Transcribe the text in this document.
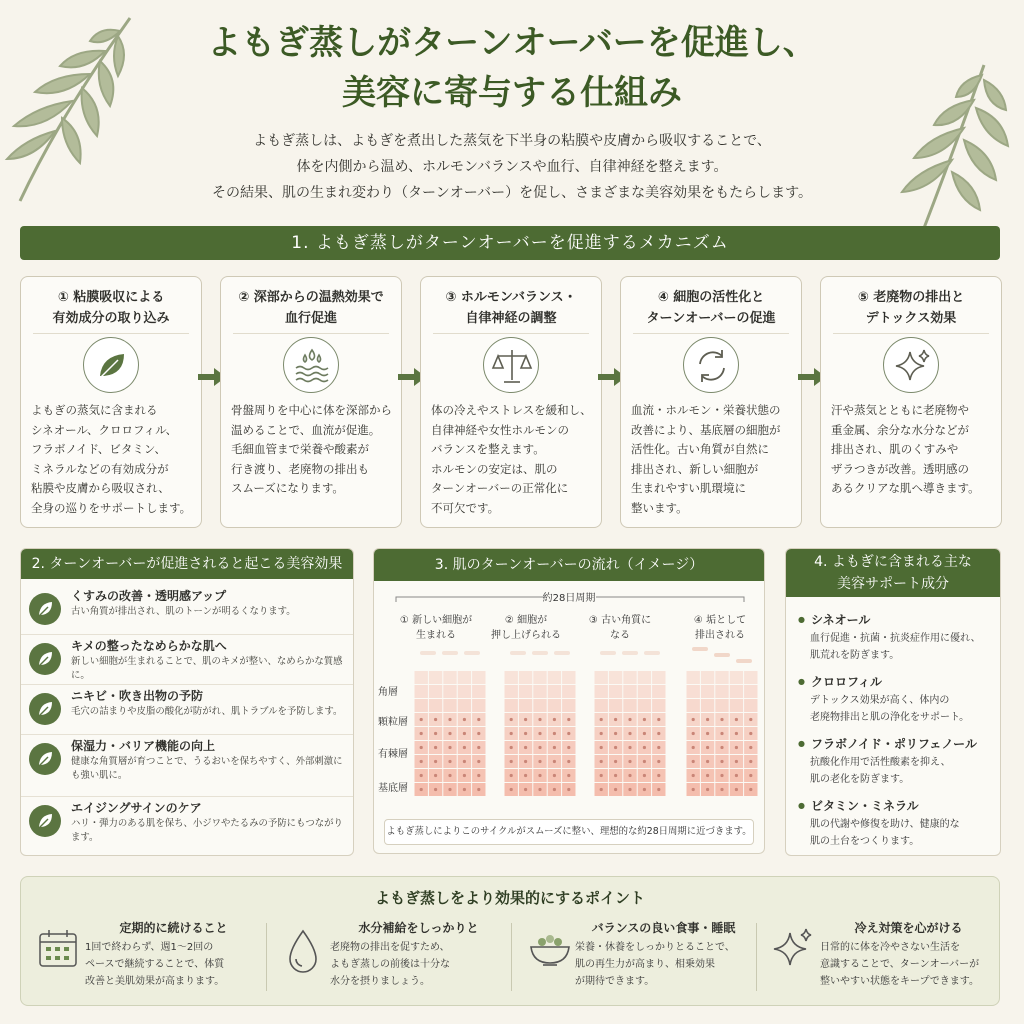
よもぎ蒸しがターンオーバーを促進し、
美容に寄与する仕組み
よもぎ蒸しは、よもぎを煮出した蒸気を下半身の粘膜や皮膚から吸収することで、
体を内側から温め、ホルモンバランスや血行、自律神経を整えます。
その結果、肌の生まれ変わり（ターンオーバー）を促し、さまざまな美容効果をもたらします。
1. よもぎ蒸しがターンオーバーを促進するメカニズム
① 粘膜吸収による
有効成分の取り込み
よもぎの蒸気に含まれる
シネオール、クロロフィル、
フラボノイド、ビタミン、
ミネラルなどの有効成分が
粘膜や皮膚から吸収され、
全身の巡りをサポートします。
② 深部からの温熱効果で
血行促進
骨盤周りを中心に体を深部から
温めることで、血流が促進。
毛細血管まで栄養や酸素が
行き渡り、老廃物の排出も
スムーズになります。
③ ホルモンバランス・
自律神経の調整
体の冷えやストレスを緩和し、
自律神経や女性ホルモンの
バランスを整えます。
ホルモンの安定は、肌の
ターンオーバーの正常化に
不可欠です。
④ 細胞の活性化と
ターンオーバーの促進
血流・ホルモン・栄養状態の
改善により、基底層の細胞が
活性化。古い角質が自然に
排出され、新しい細胞が
生まれやすい肌環境に
整います。
⑤ 老廃物の排出と
デトックス効果
汗や蒸気とともに老廃物や
重金属、余分な水分などが
排出され、肌のくすみや
ザラつきが改善。透明感の
あるクリアな肌へ導きます。
2. ターンオーバーが促進されると起こる美容効果
くすみの改善・透明感アップ
古い角質が排出され、肌のトーンが明るくなります。
キメの整ったなめらかな肌へ
新しい細胞が生まれることで、肌のキメが整い、なめらかな質感に。
ニキビ・吹き出物の予防
毛穴の詰まりや皮脂の酸化が防がれ、肌トラブルを予防します。
保湿力・バリア機能の向上
健康な角質層が育つことで、うるおいを保ちやすく、外部刺激にも強い肌に。
エイジングサインのケア
ハリ・弾力のある肌を保ち、小ジワやたるみの予防にもつながります。
3. 肌のターンオーバーの流れ（イメージ）
約28日周期
① 新しい細胞が
生まれる
② 細胞が
押し上げられる
③ 古い角質に
なる
④ 垢として
排出される
角層
顆粒層
有棘層
基底層
よもぎ蒸しによりこのサイクルがスムーズに整い、理想的な約28日周期に近づきます。
4. よもぎに含まれる主な
美容サポート成分
● シネオール
血行促進・抗菌・抗炎症作用に優れ、
肌荒れを防ぎます。
● クロロフィル
デトックス効果が高く、体内の
老廃物排出と肌の浄化をサポート。
● フラボノイド・ポリフェノール
抗酸化作用で活性酸素を抑え、
肌の老化を防ぎます。
● ビタミン・ミネラル
肌の代謝や修復を助け、健康的な
肌の土台をつくります。
よもぎ蒸しをより効果的にするポイント
定期的に続けること
1回で終わらず、週1〜2回の
ペースで継続することで、体質
改善と美肌効果が高まります。
水分補給をしっかりと
老廃物の排出を促すため、
よもぎ蒸しの前後は十分な
水分を摂りましょう。
バランスの良い食事・睡眠
栄養・休養をしっかりとることで、
肌の再生力が高まり、相乗効果
が期待できます。
冷え対策を心がける
日常的に体を冷やさない生活を
意識することで、ターンオーバーが
整いやすい状態をキープできます。
